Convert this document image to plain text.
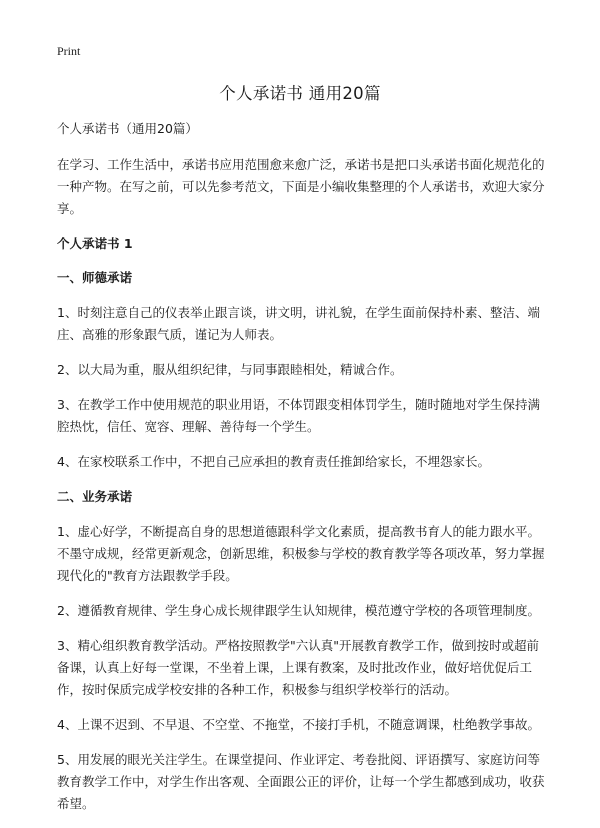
Print
个人承诺书 通用20篇

个人承诺书（通用20篇）

在学习、工作生活中，承诺书应用范围愈来愈广泛，承诺书是把口头承诺书面化规范化的一种产物。在写之前，可以先参考范文，下面是小编收集整理的个人承诺书，欢迎大家分享。

个人承诺书 1
一、师德承诺

1、时刻注意自己的仪表举止跟言谈，讲文明，讲礼貌，在学生面前保持朴素、整洁、端庄、高雅的形象跟气质，谨记为人师表。

2、以大局为重，服从组织纪律，与同事跟睦相处，精诚合作。

3、在教学工作中使用规范的职业用语，不体罚跟变相体罚学生，随时随地对学生保持满腔热忱，信任、宽容、理解、善待每一个学生。

4、在家校联系工作中，不把自己应承担的教育责任推卸给家长，不埋怨家长。

二、业务承诺

1、虚心好学，不断提高自身的思想道德跟科学文化素质，提高教书育人的能力跟水平。不墨守成规，经常更新观念，创新思维，积极参与学校的教育教学等各项改革，努力掌握现代化的"教育方法跟教学手段。

2、遵循教育规律、学生身心成长规律跟学生认知规律，模范遵守学校的各项管理制度。

3、精心组织教育教学活动。严格按照教学"六认真"开展教育教学工作，做到按时或超前备课，认真上好每一堂课，不坐着上课，上课有教案，及时批改作业，做好培优促后工作，按时保质完成学校安排的各种工作，积极参与组织学校举行的活动。

4、上课不迟到、不早退、不空堂、不拖堂，不接打手机，不随意调课，杜绝教学事故。

5、用发展的眼光关注学生。在课堂提问、作业评定、考卷批阅、评语撰写、家庭访问等教育教学工作中，对学生作出客观、全面跟公正的评价，让每一个学生都感到成功，收获希望。
